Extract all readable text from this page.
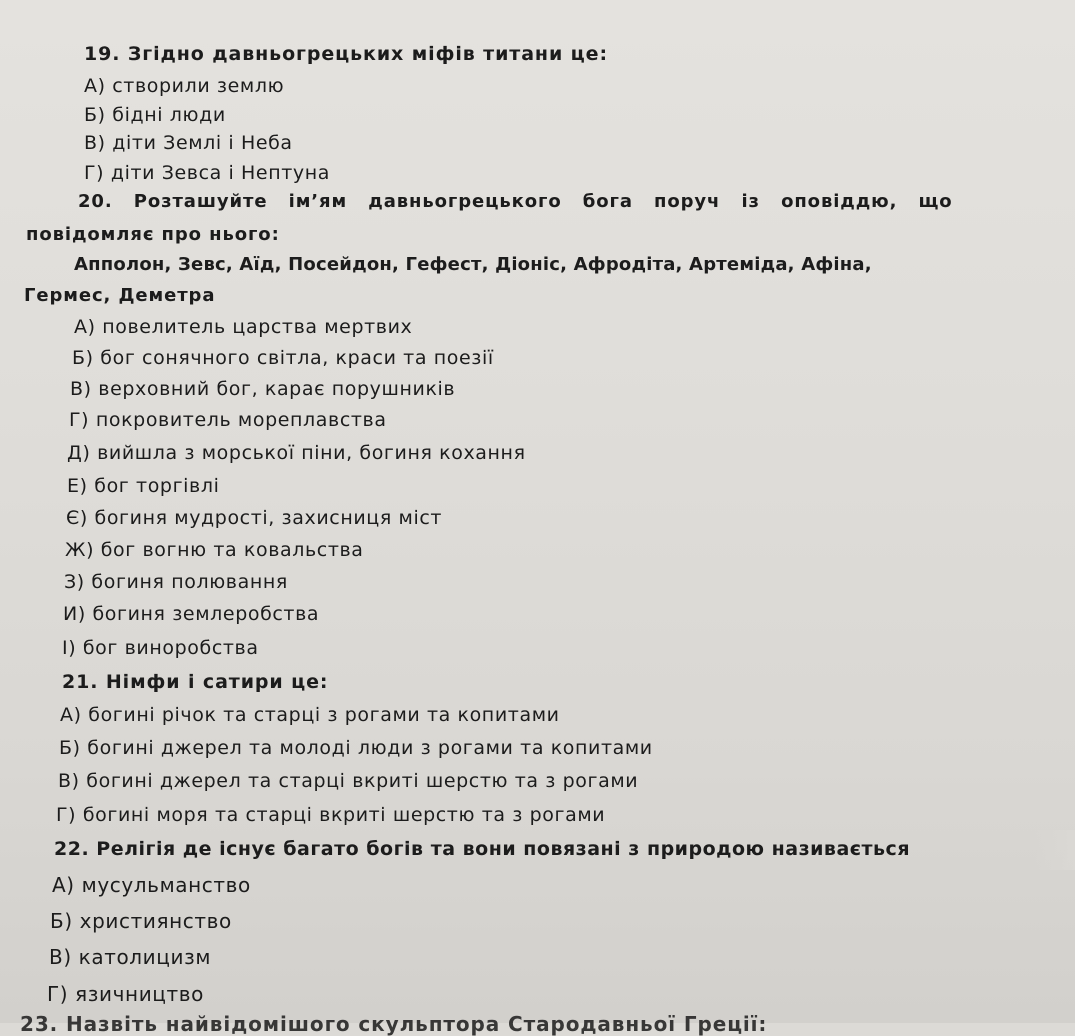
19. Згідно давньогрецьких міфів титани це:
А) створили землю
Б) бідні люди
В) діти Землі і Неба
Г) діти Зевса і Нептуна
20. Розташуйте ім’ям давньогрецького бога поруч із оповіддю, що
повідомляє про нього:
Апполон, Зевс, Аїд, Посейдон, Гефест, Діоніс, Афродіта, Артеміда, Афіна,
Гермес, Деметра
А) повелитель царства мертвих
Б) бог сонячного світла, краси та поезії
В) верховний бог, карає порушників
Г) покровитель мореплавства
Д) вийшла з морської піни, богиня кохання
Е) бог торгівлі
Є) богиня мудрості, захисниця міст
Ж) бог вогню та ковальства
З) богиня полювання
И) богиня землеробства
І) бог виноробства
21. Німфи і сатири це:
А) богині річок та старці з рогами та копитами
Б) богині джерел та молоді люди з рогами та копитами
В) богині джерел та старці вкриті шерстю та з рогами
Г) богині моря та старці вкриті шерстю та з рогами
22. Релігія де існує багато богів та вони повязані з природою називається
А) мусульманство
Б) християнство
В) католицизм
Г) язичництво
23. Назвіть найвідомішого скульптора Стародавньої Греції:
